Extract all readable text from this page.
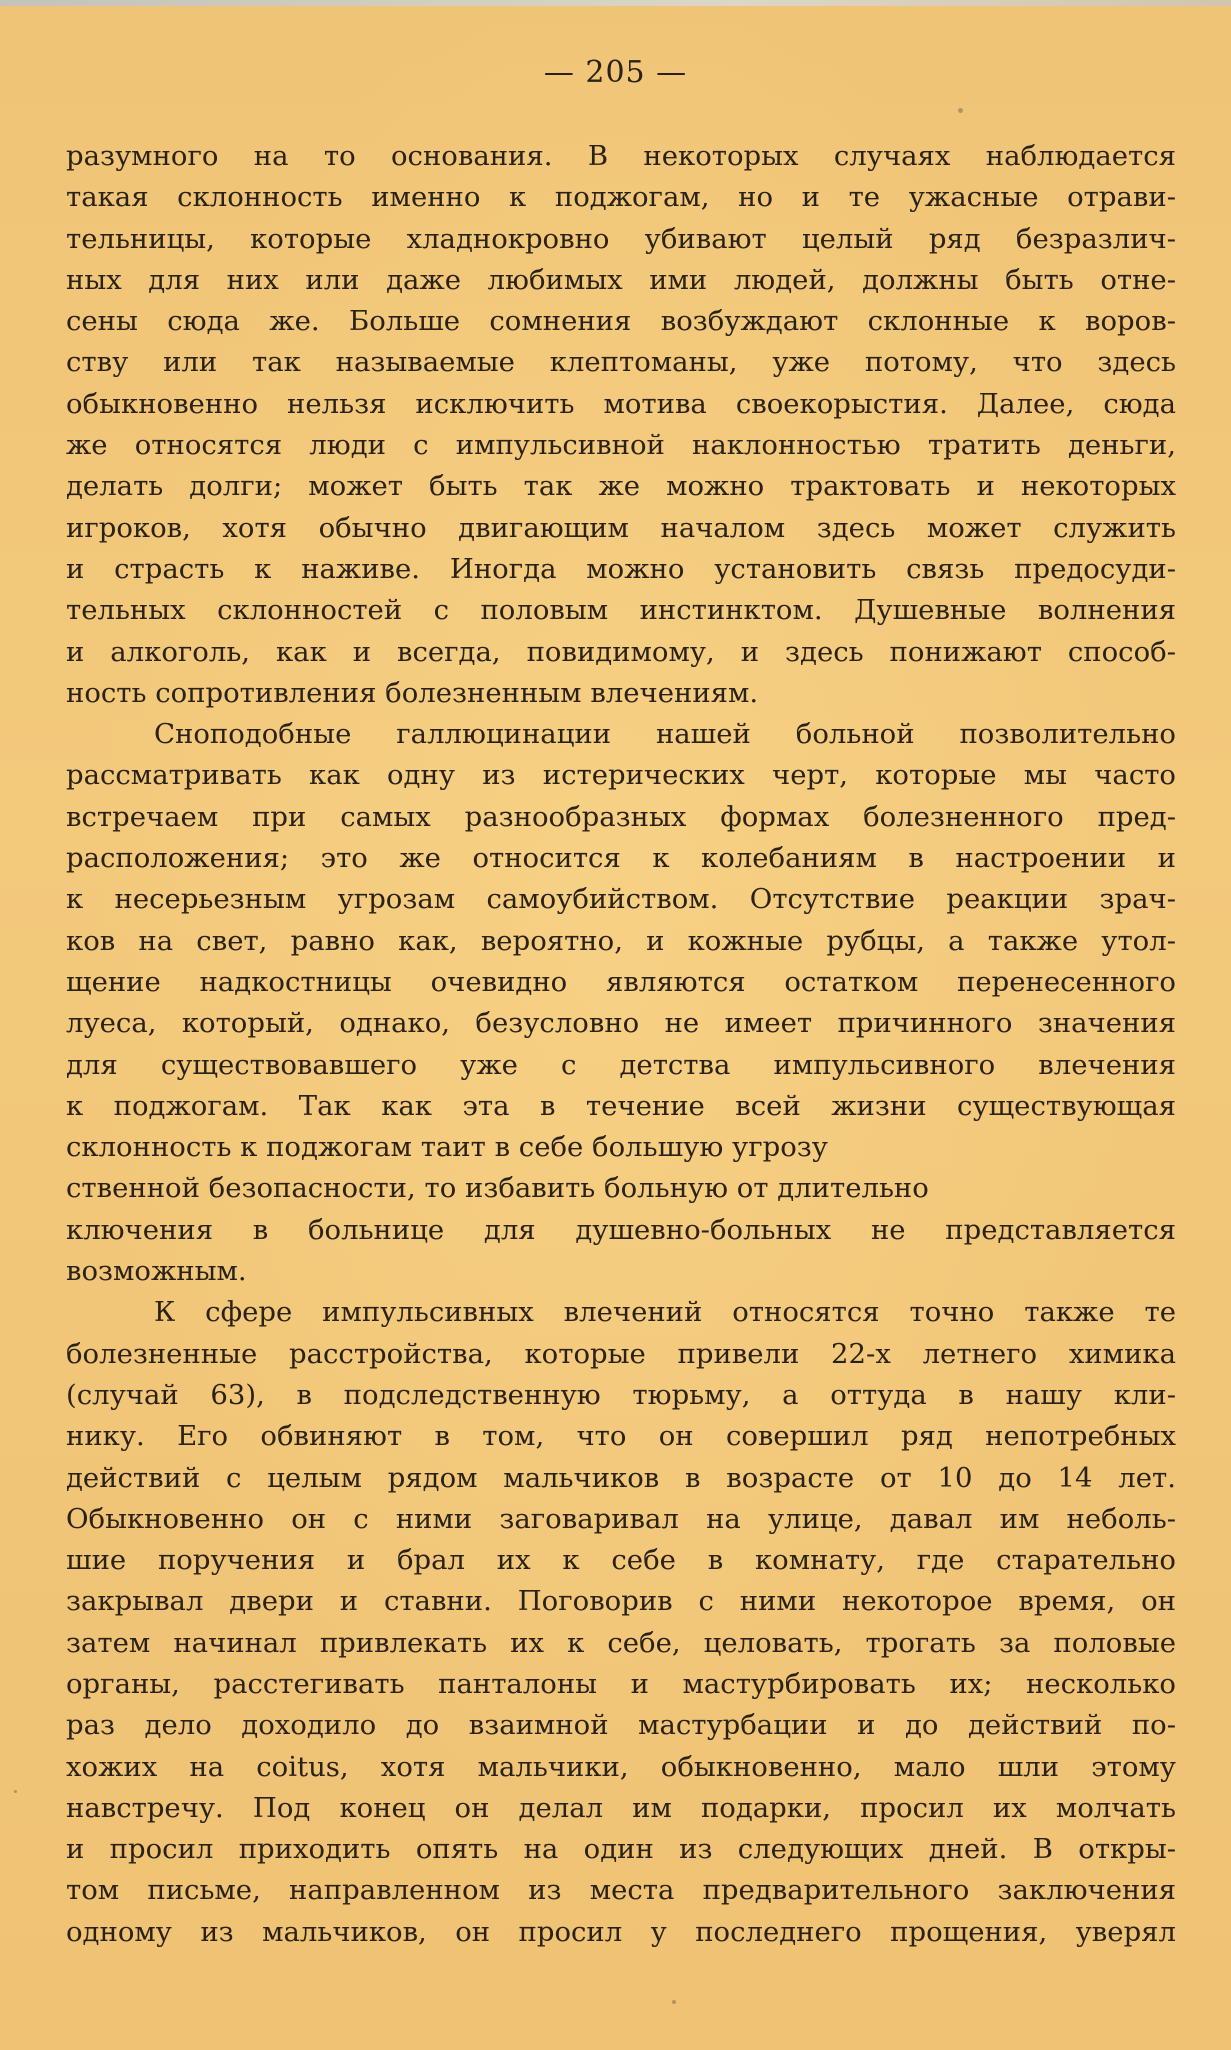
— 205 —
разумного на то основания. В некоторых случаях наблюдается
такая склонность именно к поджогам, но и те ужасные отрави-
тельницы, которые хладнокровно убивают целый ряд безразлич-
ных для них или даже любимых ими людей, должны быть отне-
сены сюда же. Больше сомнения возбуждают склонные к воров-
ству или так называемые клептоманы, уже потому, что здесь
обыкновенно нельзя исключить мотива своекорыстия. Далее, сюда
же относятся люди с импульсивной наклонностью тратить деньги,
делать долги; может быть так же можно трактовать и некоторых
игроков, хотя обычно двигающим началом здесь может служить
и страсть к наживе. Иногда можно установить связь предосуди-
тельных склонностей с половым инстинктом. Душевные волнения
и алкоголь, как и всегда, повидимому, и здесь понижают способ-
ность сопротивления болезненным влечениям.
Сноподобные галлюцинации нашей больной позволительно
рассматривать как одну из истерических черт, которые мы часто
встречаем при самых разнообразных формах болезненного пред-
расположения; это же относится к колебаниям в настроении и
к несерьезным угрозам самоубийством. Отсутствие реакции зрач-
ков на свет, равно как, вероятно, и кожные рубцы, а также утол-
щение надкостницы очевидно являются остатком перенесенного
луеса, который, однако, безусловно не имеет причинного значения
для существовавшего уже с детства импульсивного влечения
к поджогам. Так как эта в течение всей жизни существующая
склонность к поджогам таит в себе большую угрозу
ственной безопасности, то избавить больную от длительно
ключения в больнице для душевно-больных не представляется
возможным.
К сфере импульсивных влечений относятся точно также те
болезненные расстройства, которые привели 22-х летнего химика
(случай 63), в подследственную тюрьму, а оттуда в нашу кли-
нику. Его обвиняют в том, что он совершил ряд непотребных
действий с целым рядом мальчиков в возрасте от 10 до 14 лет.
Обыкновенно он с ними заговаривал на улице, давал им неболь-
шие поручения и брал их к себе в комнату, где старательно
закрывал двери и ставни. Поговорив с ними некоторое время, он
затем начинал привлекать их к себе, целовать, трогать за половые
органы, расстегивать панталоны и мастурбировать их; несколько
раз дело доходило до взаимной мастурбации и до действий по-
хожих на coitus, хотя мальчики, обыкновенно, мало шли этому
навстречу. Под конец он делал им подарки, просил их молчать
и просил приходить опять на один из следующих дней. В откры-
том письме, направленном из места предварительного заключения
одному из мальчиков, он просил у последнего прощения, уверял
